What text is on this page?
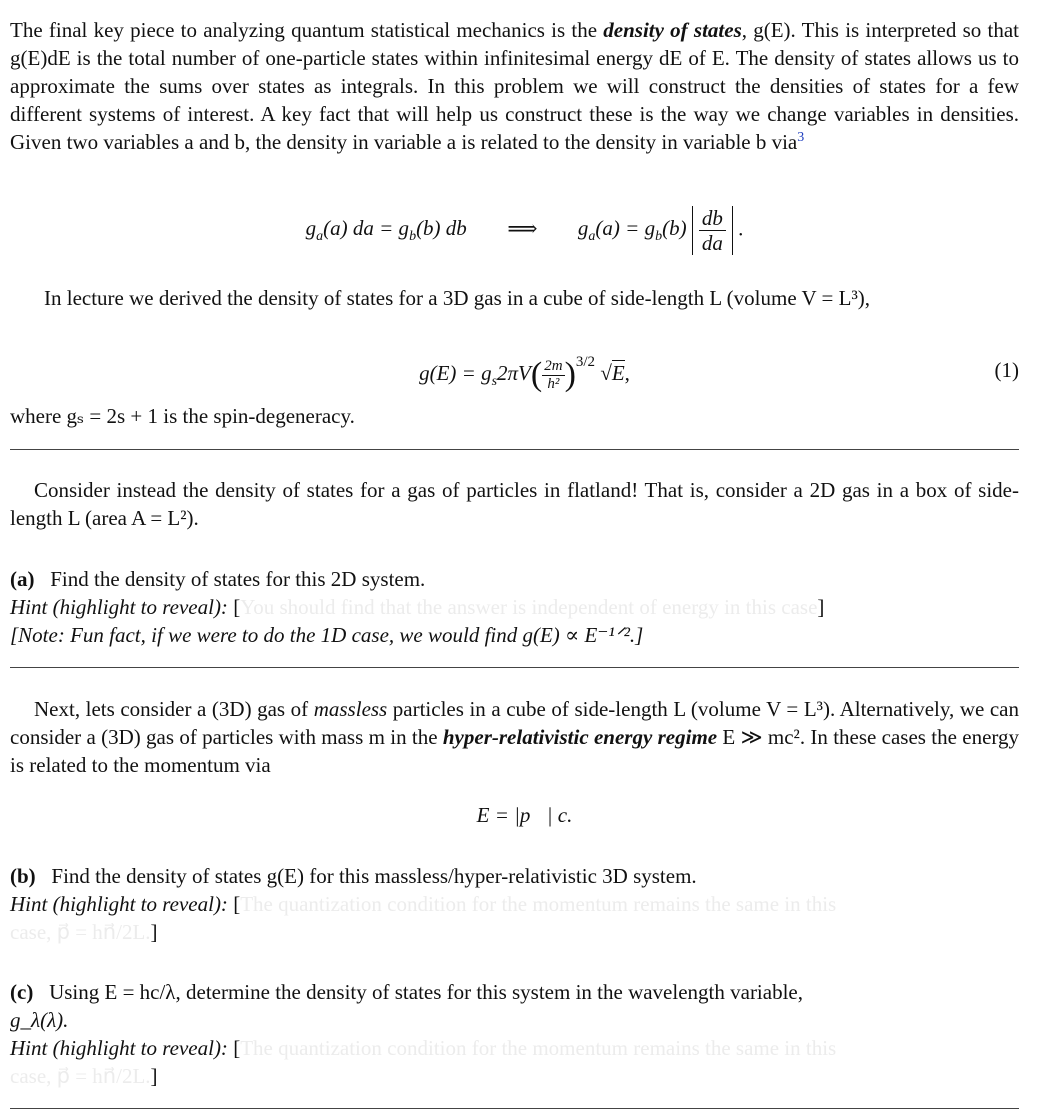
The final key piece to analyzing quantum statistical mechanics is the density of states, g(E). This is interpreted so that g(E)dE is the total number of one-particle states within infinitesimal energy dE of E. The density of states allows us to approximate the sums over states as integrals. In this problem we will construct the densities of states for a few different systems of interest. A key fact that will help us construct these is the way we change variables in densities. Given two variables a and b, the density in variable a is related to the density in variable b via$^3$
$g_a(a)$ da = $g_b(b)$ db ⟹ $g_a(a) = g_b(b) \frac{db}{da}$ .
In lecture we derived the density of states for a 3D gas in a cube of side-length L (volume V = L³),
$g(E) = g_s2\pi V( \frac{2m}{\text{h²}} )^{3/2}$ √E,	(1)
where gₛ = 2s + 1 is the spin-degeneracy.
Consider instead the density of states for a gas of particles in flatland! That is, consider a 2D gas in a box of side-length L (area A = L²).
(a) Find the density of states for this 2D system.
Hint (highlight to reveal): [You should find that the answer is independent of energy in this case]
[Note: Fun fact, if we were to do the 1D case, we would find g(E) ∝ E⁻¹ᐟ².]
Next, lets consider a (3D) gas of massless particles in a cube of side-length L (volume V = L³). Alternatively, we can consider a (3D) gas of particles with mass m in the hyper-relativistic energy regime E ≫ mc². In these cases the energy is related to the momentum via
E = |p⃗| c.
(b) Find the density of states g(E) for this massless/hyper-relativistic 3D system.
Hint (highlight to reveal): [The quantization condition for the momentum remains the same in this
case, p⃗ = hn⃗/2L.]
(c) Using E = hc/λ, determine the density of states for this system in the wavelength variable,
g_λ(λ).
Hint (highlight to reveal): [The quantization condition for the momentum remains the same in this
case, p⃗ = hn⃗/2L.]
